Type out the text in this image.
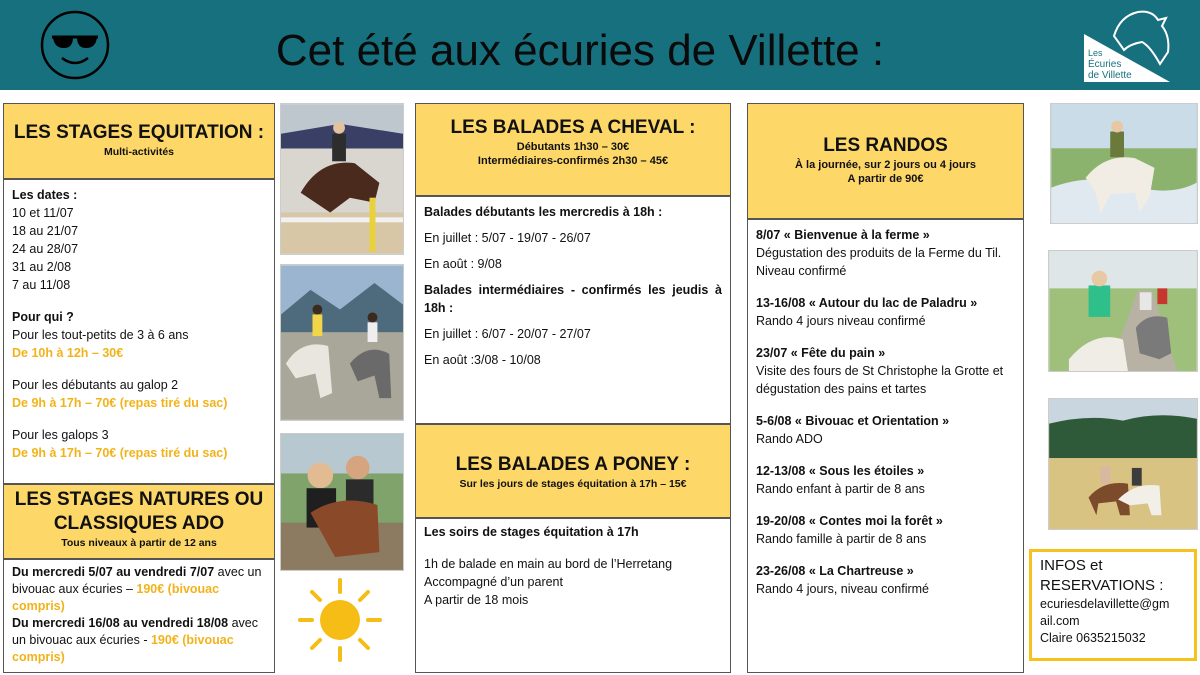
Cet été aux écuries de Villette :	Les
Écuries
de Villette
LES STAGES EQUITATION :
Multi-activités
Les dates :
10 et 11/07
18 au 21/07
24 au 28/07
31 au 2/08
7 au 11/08
Pour qui ?
Pour les tout-petits de 3 à 6 ans
De 10h à 12h – 30€
Pour les débutants au galop 2
De 9h à 17h – 70€ (repas tiré du sac)
Pour les galops 3
De 9h à 17h – 70€ (repas tiré du sac)
LES STAGES NATURES OU
CLASSIQUES ADO
Tous niveaux à partir de 12 ans
Du mercredi 5/07 au vendredi 7/07 avec un bivouac aux écuries – 190€ (bivouac compris)
Du mercredi 16/08 au vendredi 18/08 avec un bivouac aux écuries - 190€ (bivouac compris)
LES BALADES A CHEVAL :
Débutants 1h30 – 30€
Intermédiaires-confirmés 2h30 – 45€
Balades débutants les mercredis à 18h :
En juillet : 5/07 - 19/07 - 26/07
En août : 9/08
Balades intermédiaires - confirmés les jeudis à 18h :
En juillet : 6/07 - 20/07 - 27/07
En août :3/08 - 10/08
LES BALADES A PONEY :
Sur les jours de stages équitation à 17h – 15€
Les soirs de stages équitation à 17h
1h de balade en main au bord de l’Herretang
Accompagné d’un parent
A partir de 18 mois
LES RANDOS
À la journée, sur 2 jours ou 4 jours
A partir de 90€
8/07 « Bienvenue à la ferme »
Dégustation des produits de la Ferme du Til. Niveau confirmé
13-16/08 « Autour du lac de Paladru »
Rando 4 jours niveau confirmé
23/07 « Fête du pain »
Visite des fours de St Christophe la Grotte et dégustation des pains et tartes
5-6/08 « Bivouac et Orientation »
Rando ADO
12-13/08 « Sous les étoiles »
Rando enfant à partir de 8 ans
19-20/08 « Contes moi la forêt »
Rando famille à partir de 8 ans
23-26/08 « La Chartreuse »
Rando 4 jours, niveau confirmé
INFOS et
RESERVATIONS :
ecuriesdelavillette@gm
ail.com
Claire 0635215032
